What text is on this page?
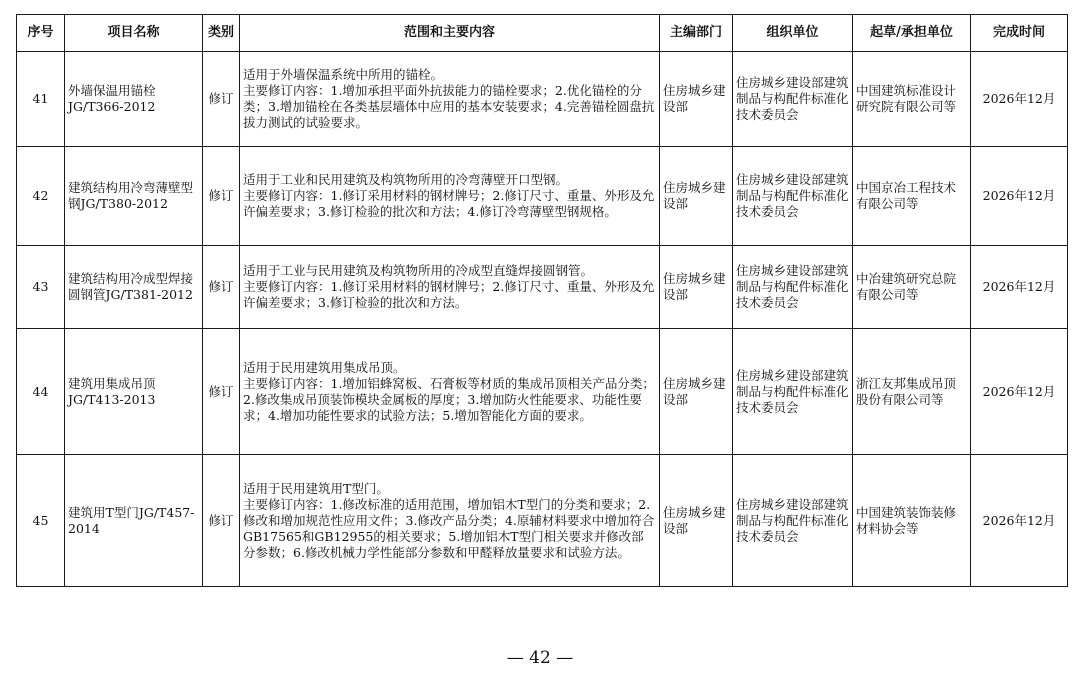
序号	项目名称	类别	范围和主要内容	主编部门	组织单位	起草/承担单位	完成时间
41	外墙保温用锚栓JG/T366-2012	修订	适用于外墙保温系统中所用的锚栓。
主要修订内容：1.增加承担平面外抗拔能力的锚栓要求；2.优化锚栓的分类；3.增加锚栓在各类基层墙体中应用的基本安装要求；4.完善锚栓圆盘抗拔力测试的试验要求。	住房城乡建设部	住房城乡建设部建筑制品与构配件标准化技术委员会	中国建筑标准设计研究院有限公司等	2026年12月
42	建筑结构用冷弯薄壁型钢JG/T380-2012	修订	适用于工业和民用建筑及构筑物所用的冷弯薄壁开口型钢。
主要修订内容：1.修订采用材料的钢材牌号；2.修订尺寸、重量、外形及允许偏差要求；3.修订检验的批次和方法；4.修订冷弯薄壁型钢规格。	住房城乡建设部	住房城乡建设部建筑制品与构配件标准化技术委员会	中国京冶工程技术有限公司等	2026年12月
43	建筑结构用冷成型焊接圆钢管JG/T381-2012	修订	适用于工业与民用建筑及构筑物所用的冷成型直缝焊接圆钢管。
主要修订内容：1.修订采用材料的钢材牌号；2.修订尺寸、重量、外形及允许偏差要求；3.修订检验的批次和方法。	住房城乡建设部	住房城乡建设部建筑制品与构配件标准化技术委员会	中冶建筑研究总院有限公司等	2026年12月
44	建筑用集成吊顶JG/T413-2013	修订	适用于民用建筑用集成吊顶。
主要修订内容：1.增加铝蜂窝板、石膏板等材质的集成吊顶相关产品分类；2.修改集成吊顶装饰模块金属板的厚度；3.增加防火性能要求、功能性要求；4.增加功能性要求的试验方法；5.增加智能化方面的要求。	住房城乡建设部	住房城乡建设部建筑制品与构配件标准化技术委员会	浙江友邦集成吊顶股份有限公司等	2026年12月
45	建筑用T型门JG/T457-2014	修订	适用于民用建筑用T型门。
主要修订内容：1.修改标准的适用范围，增加铝木T型门的分类和要求；2.修改和增加规范性应用文件；3.修改产品分类；4.原辅材料要求中增加符合GB17565和GB12955的相关要求；5.增加铝木T型门相关要求并修改部分参数；6.修改机械力学性能部分参数和甲醛释放量要求和试验方法。	住房城乡建设部	住房城乡建设部建筑制品与构配件标准化技术委员会	中国建筑装饰装修材料协会等	2026年12月
— 42 —
